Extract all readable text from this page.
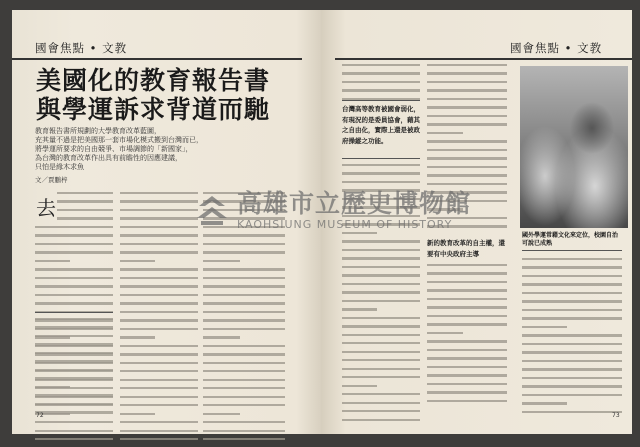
國會焦點 • 文教
美國化的教育報告書
與學運訴求背道而馳
教育報告書所規劃的大學教育改革藍圖，
充其量不過是把美國那一套市場化模式搬到台灣而已，
將學運所要求的自由競爭、市場調節的「新國家」，
為台灣的教育改革作出具有前瞻性的因應建議，
只怕是緣木求魚
文／賈鵬梓
去
國會焦點 • 文教
台灣高等教育被國會弱化，有現況的是委員協會，藉其之自由化，實際上還是被政府操縱之功能。
新的教育改革的自主權，還要有中央政府主導
國外學運常藉文化來定位，校園自治可說已成熟
72	73
高雄市立歷史博物館
KAOHSIUNG MUSEUM OF HISTORY
